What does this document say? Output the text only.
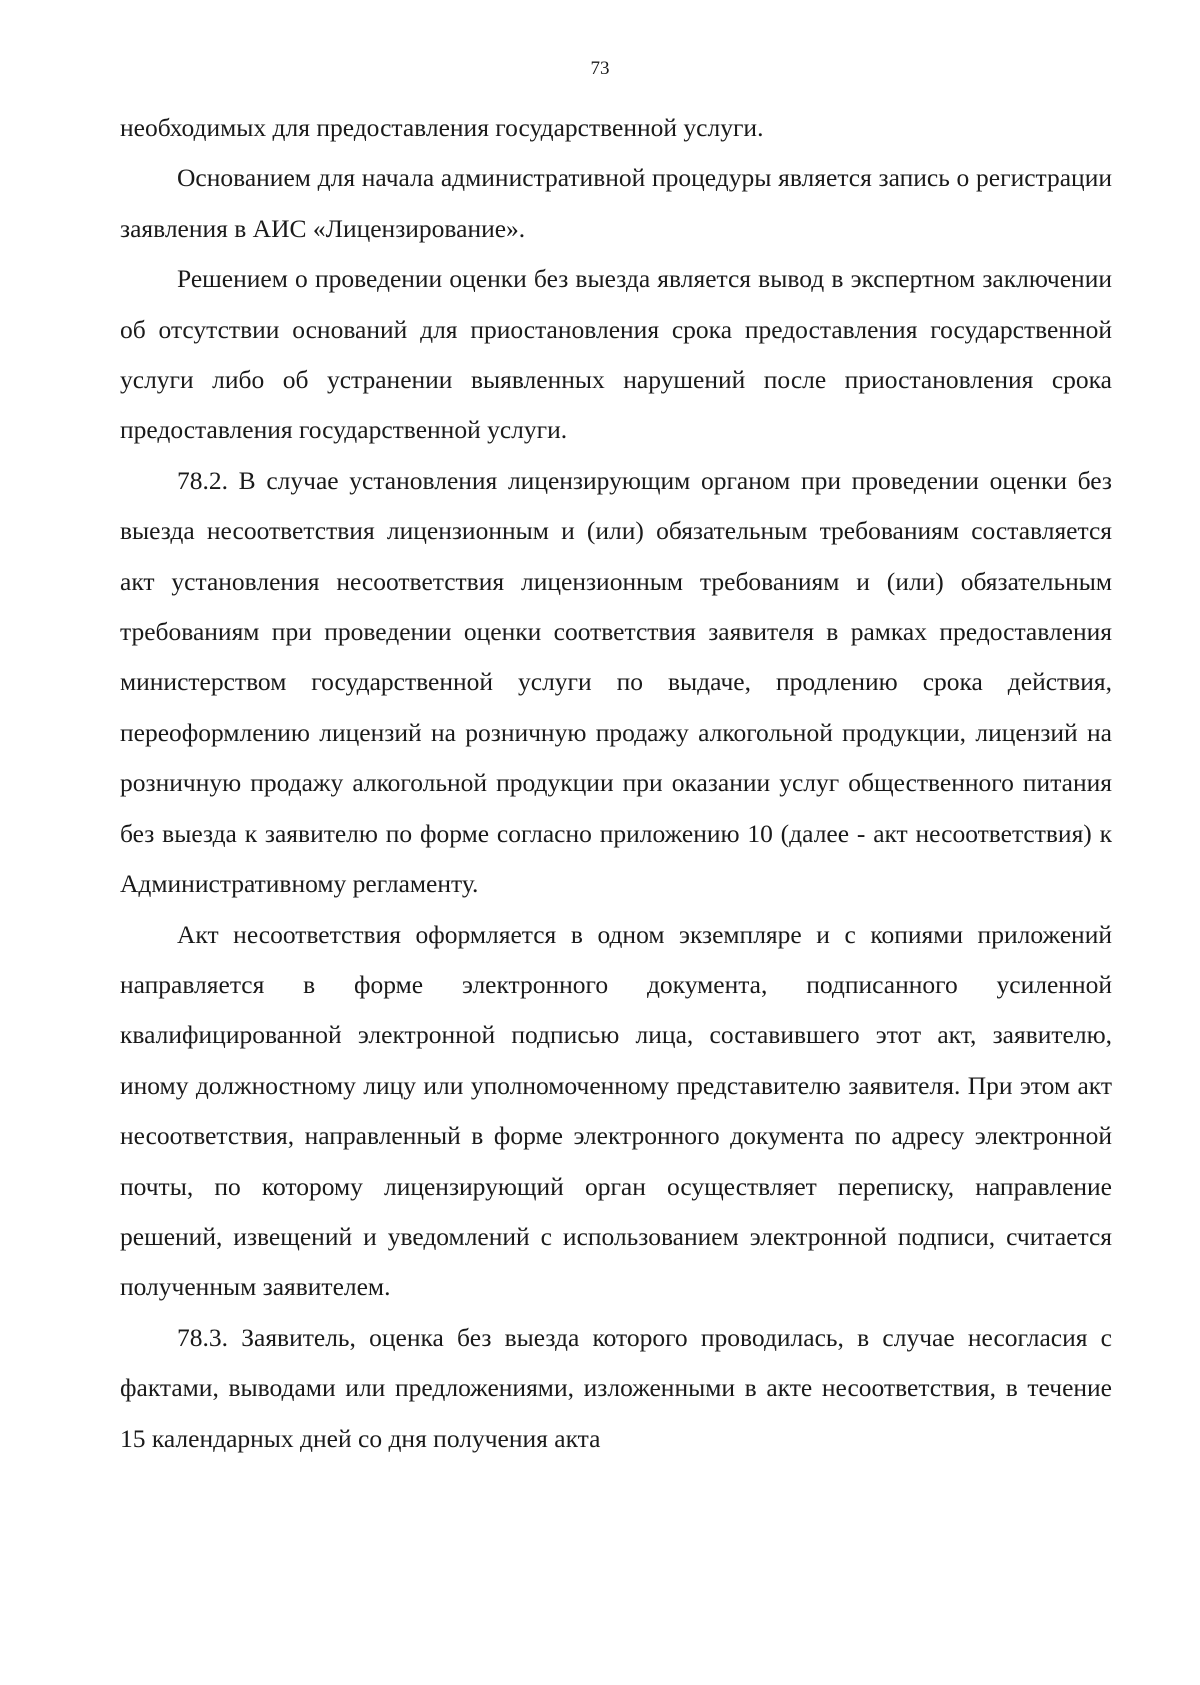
73

необходимых для предоставления государственной услуги.

Основанием для начала административной процедуры является запись о регистрации заявления в АИС «Лицензирование».

Решением о проведении оценки без выезда является вывод в экспертном заключении об отсутствии оснований для приостановления срока предоставления государственной услуги либо об устранении выявленных нарушений после приостановления срока предоставления государственной услуги.

78.2. В случае установления лицензирующим органом при проведении оценки без выезда несоответствия лицензионным и (или) обязательным требованиям составляется акт установления несоответствия лицензионным требованиям и (или) обязательным требованиям при проведении оценки соответствия заявителя в рамках предоставления министерством государственной услуги по выдаче, продлению срока действия, переоформлению лицензий на розничную продажу алкогольной продукции, лицензий на розничную продажу алкогольной продукции при оказании услуг общественного питания без выезда к заявителю по форме согласно приложению 10 (далее - акт несоответствия) к Административному регламенту.

Акт несоответствия оформляется в одном экземпляре и с копиями приложений направляется в форме электронного документа, подписанного усиленной квалифицированной электронной подписью лица, составившего этот акт, заявителю, иному должностному лицу или уполномоченному представителю заявителя. При этом акт несоответствия, направленный в форме электронного документа по адресу электронной почты, по которому лицензирующий орган осуществляет переписку, направление решений, извещений и уведомлений с использованием электронной подписи, считается полученным заявителем.

78.3. Заявитель, оценка без выезда которого проводилась, в случае несогласия с фактами, выводами или предложениями, изложенными в акте несоответствия, в течение 15 календарных дней со дня получения акта
